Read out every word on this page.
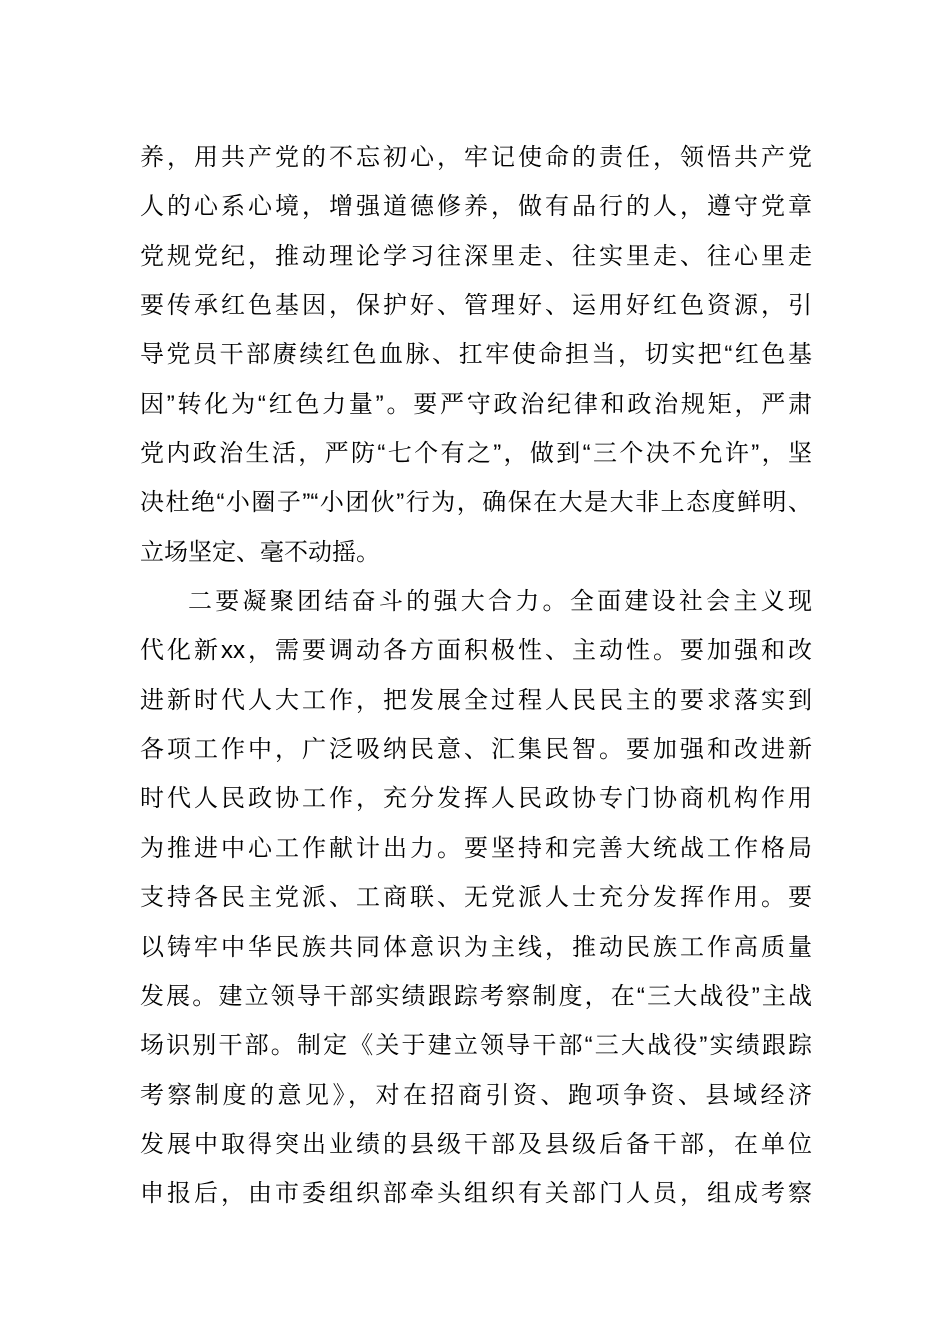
养，用共产党的不忘初心，牢记使命的责任，领悟共产党
人的心系心境，增强道德修养，做有品行的人，遵守党章
党规党纪，推动理论学习往深里走、往实里走、往心里走
要传承红色基因，保护好、管理好、运用好红色资源，引
导党员干部赓续红色血脉、扛牢使命担当，切实把“红色基
因”转化为“红色力量”。要严守政治纪律和政治规矩，严肃
党内政治生活，严防“七个有之”，做到“三个决不允许”，坚
决杜绝“小圈子”“小团伙”行为，确保在大是大非上态度鲜明、
立场坚定、毫不动摇。
二要凝聚团结奋斗的强大合力。全面建设社会主义现
代化新xx，需要调动各方面积极性、主动性。要加强和改
进新时代人大工作，把发展全过程人民民主的要求落实到
各项工作中，广泛吸纳民意、汇集民智。要加强和改进新
时代人民政协工作，充分发挥人民政协专门协商机构作用
为推进中心工作献计出力。要坚持和完善大统战工作格局
支持各民主党派、工商联、无党派人士充分发挥作用。要
以铸牢中华民族共同体意识为主线，推动民族工作高质量
发展。建立领导干部实绩跟踪考察制度，在“三大战役”主战
场识别干部。制定《关于建立领导干部“三大战役”实绩跟踪
考察制度的意见》，对在招商引资、跑项争资、县域经济
发展中取得突出业绩的县级干部及县级后备干部，在单位
申报后，由市委组织部牵头组织有关部门人员，组成考察
